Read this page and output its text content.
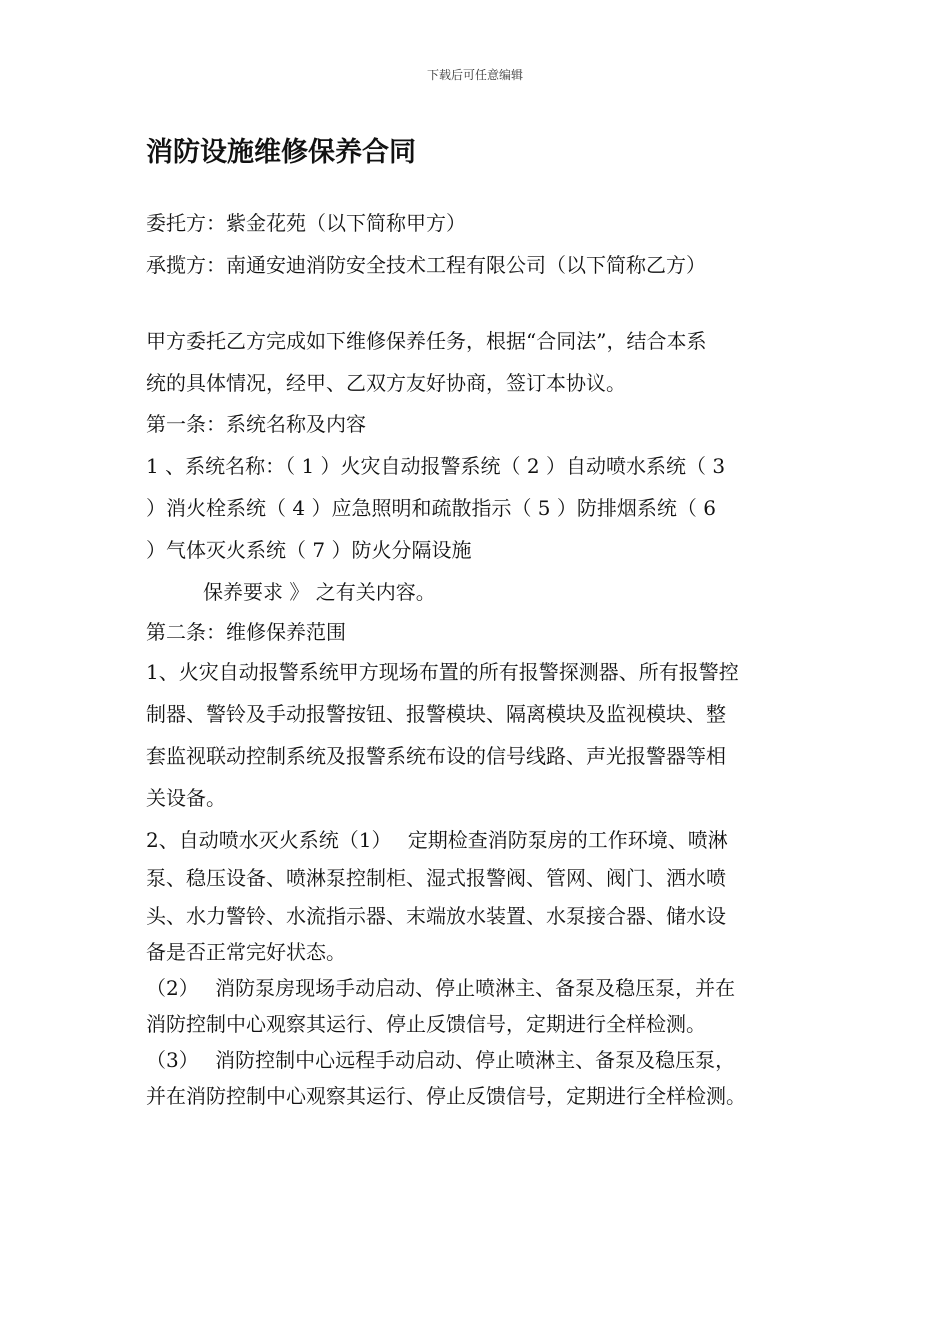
下载后可任意编辑
消防设施维修保养合同
委托方：紫金花苑（以下简称甲方）
承揽方：南通安迪消防安全技术工程有限公司（以下简称乙方）
甲方委托乙方完成如下维修保养任务，根据“合同法”，结合本系
统的具体情况，经甲、乙双方友好协商，签订本协议。
第一条：系统名称及内容
1 、系统名称：（ 1 ）火灾自动报警系统（ 2 ）自动喷水系统（ 3
）消火栓系统（ 4 ）应急照明和疏散指示（ 5 ）防排烟系统（ 6
）气体灭火系统（ 7 ）防火分隔设施
保养要求 》 之有关内容。
第二条：维修保养范围
1、火灾自动报警系统甲方现场布置的所有报警探测器、所有报警控
制器、警铃及手动报警按钮、报警模块、隔离模块及监视模块、整
套监视联动控制系统及报警系统布设的信号线路、声光报警器等相
关设备。
2、自动喷水灭火系统（1）　 定期检查消防泵房的工作环境、喷淋
泵、稳压设备、喷淋泵控制柜、湿式报警阀、管网、阀门、洒水喷
头、水力警铃、水流指示器、末端放水装置、水泵接合器、储水设
备是否正常完好状态。
（2）　 消防泵房现场手动启动、停止喷淋主、备泵及稳压泵，并在
消防控制中心观察其运行、停止反馈信号，定期进行全样检测。
（3）　 消防控制中心远程手动启动、停止喷淋主、备泵及稳压泵，
并在消防控制中心观察其运行、停止反馈信号，定期进行全样检测。
